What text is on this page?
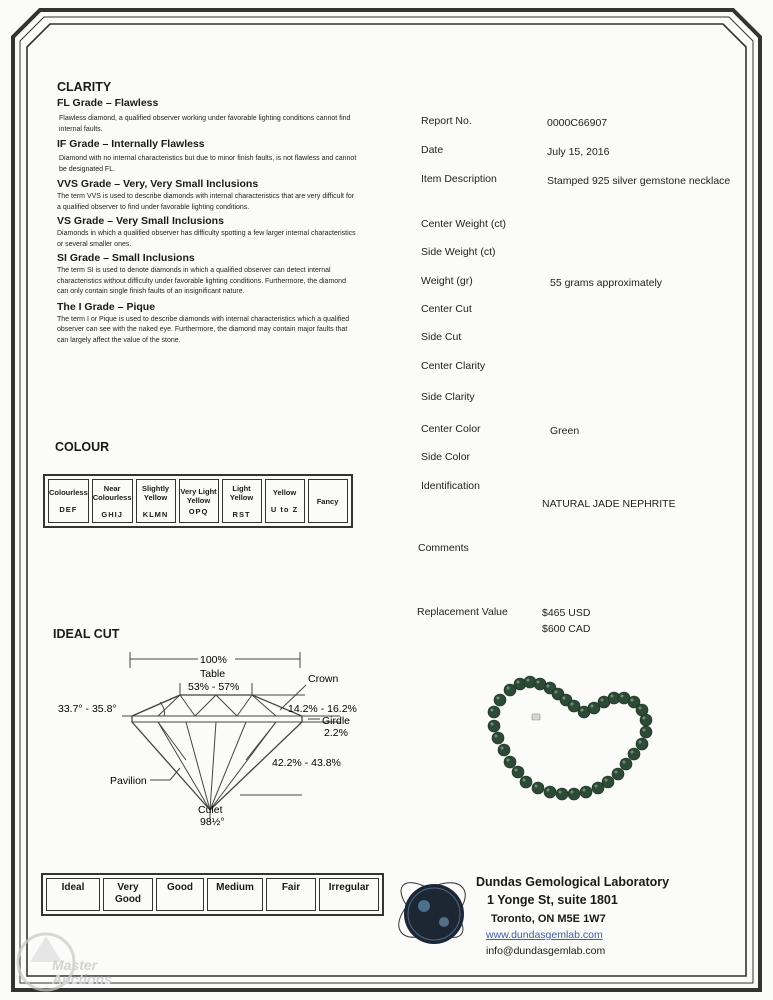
CLARITY
FL Grade – Flawless
Flawless diamond, a qualified observer working under favorable lighting conditions cannot find internal faults.
IF Grade – Internally Flawless
Diamond with no internal characteristics but due to minor finish faults, is not flawless and cannot be designated FL.
VVS Grade – Very, Very Small Inclusions
The term VVS is used to describe diamonds with internal characteristics that are very difficult for a qualified observer to find under favorable lighting conditions.
VS Grade – Very Small Inclusions
Diamonds in which a qualified observer has difficulty spotting a few larger internal characteristics or several smaller ones.
SI Grade – Small Inclusions
The term SI is used to denote diamonds in which a qualified observer can detect internal characteristics without difficulty under favorable lighting conditions. Furthermore, the diamond can only contain single finish faults of an insignificant nature.
The I Grade – Pique
The term I or Pique is used to describe diamonds with internal characteristics which a qualified observer can see with the naked eye. Furthermore, the diamond may contain major faults that can largely affect the value of the stone.
COLOUR
Colourless
DEF
	Near Colourless
GHIJ
	Slightly Yellow
KLMN
	Very Light Yellow
OPQ
	Light Yellow
RST
	Yellow
U to Z
	Fancy
IDEAL CUT
100%
Table
53% - 57%
Crown
33.7° - 35.8°	14.2% - 16.2%
Girdle
2.2%
Pavilion
42.2% - 43.8%
Culet
98½°
Ideal	Very Good	Good	Medium	Fair	Irregular
Report No.	0000C66907
Date	July 15, 2016
Item Description	Stamped 925 silver gemstone necklace
Center Weight (ct)
Side Weight (ct)
Weight (gr)	55 grams approximately
Center Cut
Side Cut
Center Clarity
Side Clarity
Center Color	Green
Side Color
Identification
NATURAL JADE NEPHRITE
Comments
Replacement Value	$465 USD
$600 CAD
Dundas Gemological Laboratory
1 Yonge St, suite 1801
Toronto, ON M5E 1W7
www.dundasgemlab.com
info@dundasgemlab.com
Master Auctions
